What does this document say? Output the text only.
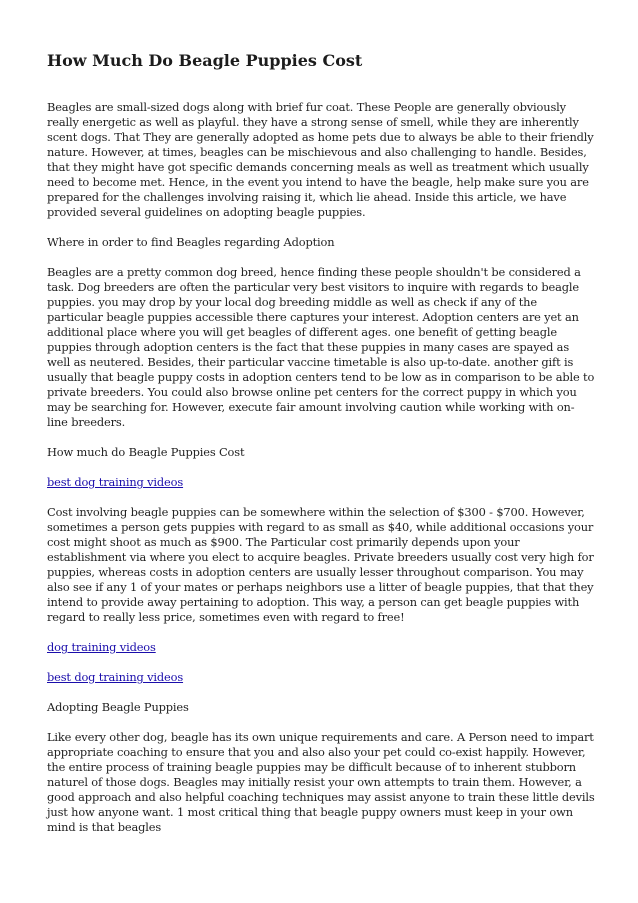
How Much Do Beagle Puppies Cost

Beagles are small-sized dogs along with brief fur coat. These People are generally obviously really energetic as well as playful. they have a strong sense of smell, while they are inherently scent dogs. That They are generally adopted as home pets due to always be able to their friendly nature. However, at times, beagles can be mischievous and also challenging to handle. Besides, that they might have got specific demands concerning meals as well as treatment which usually need to become met. Hence, in the event you intend to have the beagle, help make sure you are prepared for the challenges involving raising it, which lie ahead. Inside this article, we have provided several guidelines on adopting beagle puppies.

Where in order to find Beagles regarding Adoption

Beagles are a pretty common dog breed, hence finding these people shouldn't be considered a task. Dog breeders are often the particular very best visitors to inquire with regards to beagle puppies. you may drop by your local dog breeding middle as well as check if any of the particular beagle puppies accessible there captures your interest. Adoption centers are yet an additional place where you will get beagles of different ages. one benefit of getting beagle puppies through adoption centers is the fact that these puppies in many cases are spayed as well as neutered. Besides, their particular vaccine timetable is also up-to-date. another gift is usually that beagle puppy costs in adoption centers tend to be low as in comparison to be able to private breeders. You could also browse online pet centers for the correct puppy in which you may be searching for. However, execute fair amount involving caution while working with on-line breeders.

How much do Beagle Puppies Cost

best dog training videos

Cost involving beagle puppies can be somewhere within the selection of $300 - $700. However, sometimes a person gets puppies with regard to as small as $40, while additional occasions your cost might shoot as much as $900. The Particular cost primarily depends upon your establishment via where you elect to acquire beagles. Private breeders usually cost very high for puppies, whereas costs in adoption centers are usually lesser throughout comparison. You may also see if any 1 of your mates or perhaps neighbors use a litter of beagle puppies, that that they intend to provide away pertaining to adoption. This way, a person can get beagle puppies with regard to really less price, sometimes even with regard to free!

dog training videos

best dog training videos

Adopting Beagle Puppies

Like every other dog, beagle has its own unique requirements and care. A Person need to impart appropriate coaching to ensure that you and also also your pet could co-exist happily. However, the entire process of training beagle puppies may be difficult because of to inherent stubborn naturel of those dogs. Beagles may initially resist your own attempts to train them. However, a good approach and also helpful coaching techniques may assist anyone to train these little devils just how anyone want. 1 most critical thing that beagle puppy owners must keep in your own mind is that beagles
